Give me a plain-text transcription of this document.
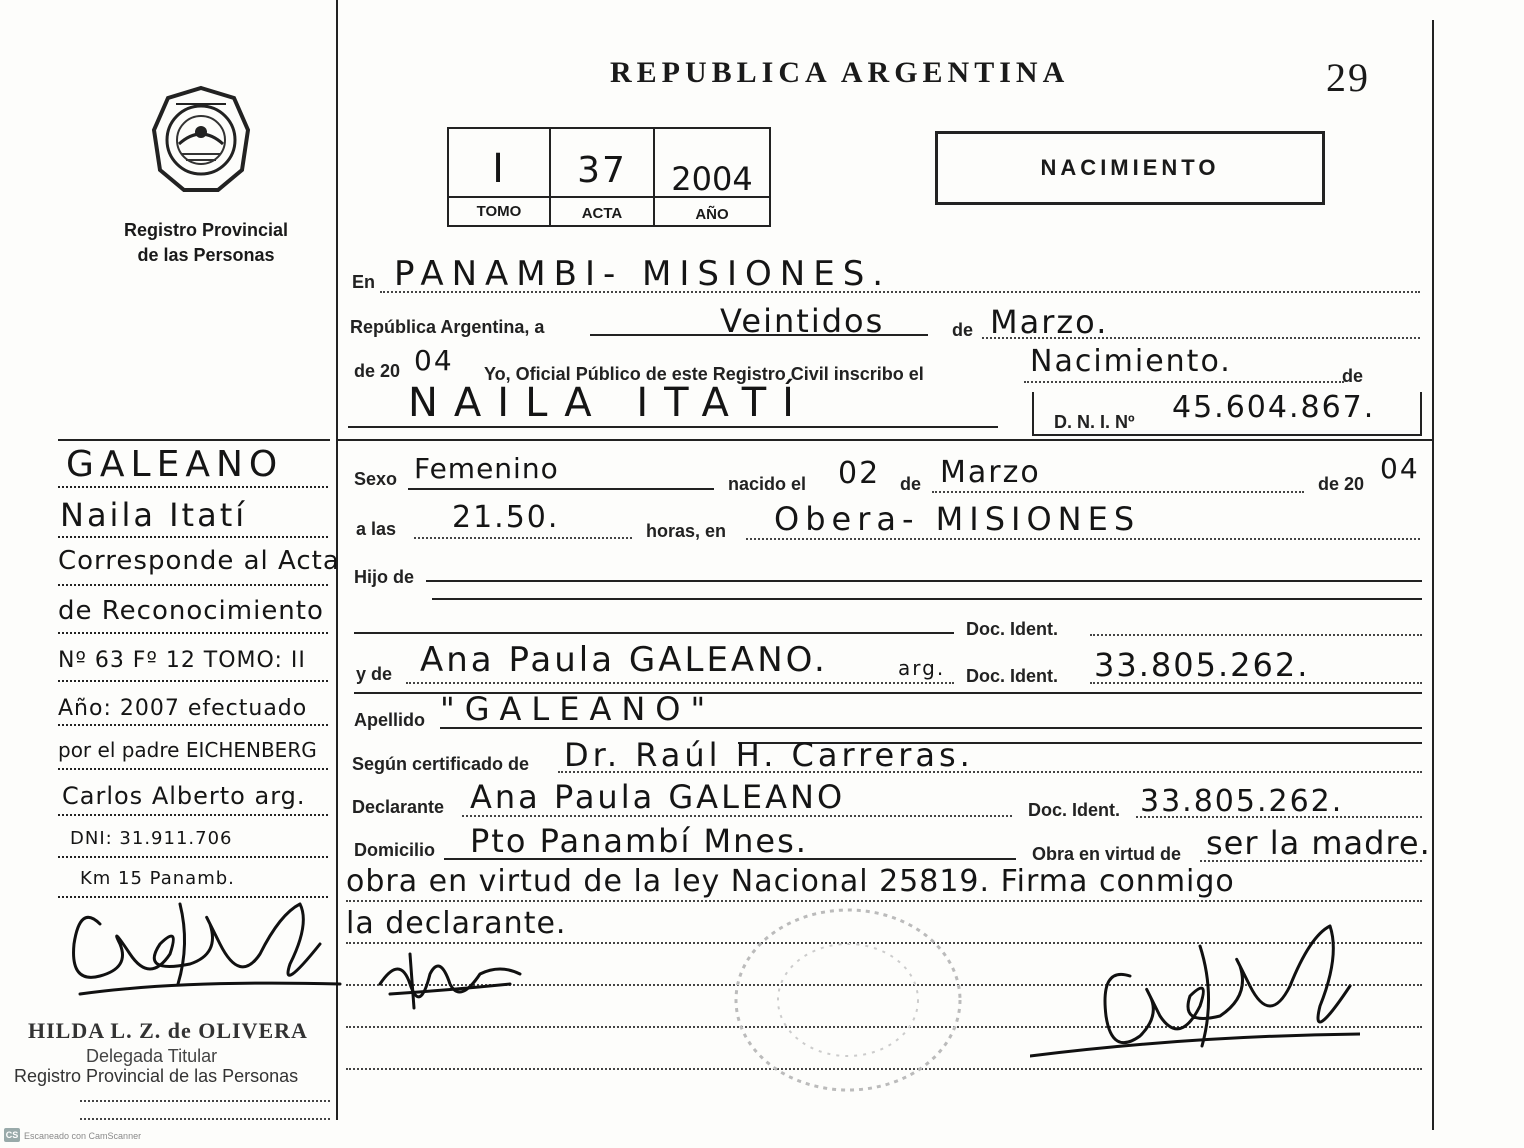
Registro Provincial
de las Personas
REPUBLICA ARGENTINA	29
I	37	2004
TOMO	ACTA	AÑO
NACIMIENTO
En PANAMBI- MISIONES.
República Argentina, a	Veintidos	de Marzo.
de 20 04 Yo, Oficial Público de este Registro Civil inscribo el	Nacimiento.	de
NAILA ITATÍ	D. N. I. Nº 45.604.867.
Sexo Femenino	nacido el 02 de Marzo	de 20 04
a las 21.50.	horas, en Obera- MISIONES
Hijo de
Doc. Ident.
y de Ana Paula GALEANO.	arg. Doc. Ident. 33.805.262.
Apellido "GALEANO"
Según certificado de Dr. Raúl H. Carreras.
Declarante Ana Paula GALEANO	Doc. Ident. 33.805.262.
Domicilio Pto Panambí Mnes.	Obra en virtud de ser la madre.
obra en virtud de la ley Nacional 25819. Firma conmigo
la declarante.
GALEANO
Naila Itatí
Corresponde al Acta
de Reconocimiento
Nº 63 Fº 12 TOMO: II
Año: 2007 efectuado
por el padre EICHENBERG
Carlos Alberto arg.
DNI: 31.911.706
Km 15 Panamb.
HILDA L. Z. de OLIVERA
Delegada Titular
Registro Provincial de las Personas
CS Escaneado con CamScanner
